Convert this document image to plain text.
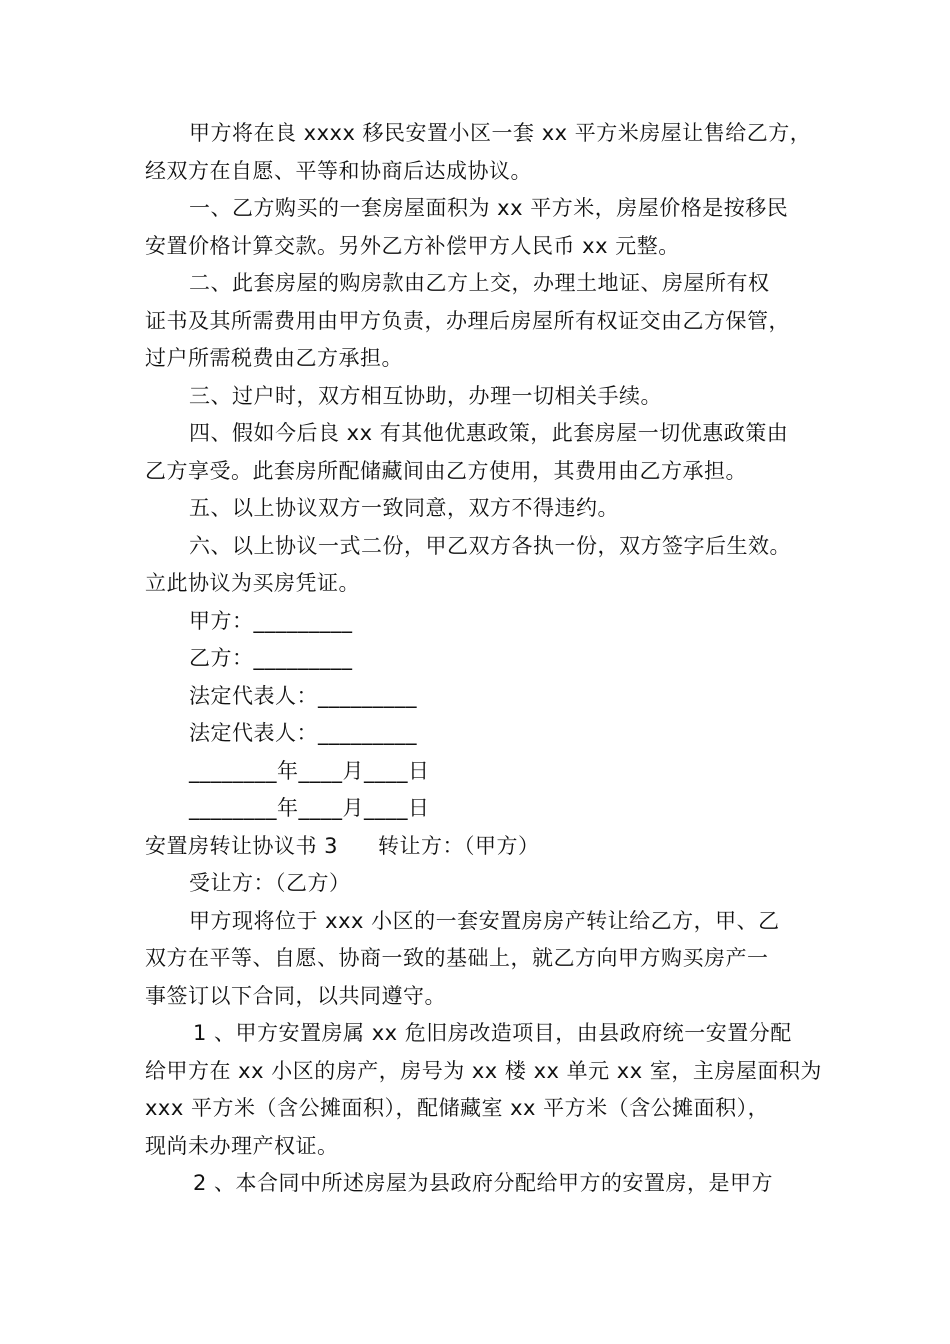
甲方将在良 xxxx 移民安置小区一套 xx 平方米房屋让售给乙方，
经双方在自愿、平等和协商后达成协议。
一、乙方购买的一套房屋面积为 xx 平方米，房屋价格是按移民
安置价格计算交款。另外乙方补偿甲方人民币 xx 元整。
二、此套房屋的购房款由乙方上交，办理土地证、房屋所有权
证书及其所需费用由甲方负责，办理后房屋所有权证交由乙方保管，
过户所需税费由乙方承担。
三、过户时，双方相互协助，办理一切相关手续。
四、假如今后良 xx 有其他优惠政策，此套房屋一切优惠政策由
乙方享受。此套房所配储藏间由乙方使用，其费用由乙方承担。
五、以上协议双方一致同意，双方不得违约。
六、以上协议一式二份，甲乙双方各执一份，双方签字后生效。
立此协议为买房凭证。
甲方：_________
乙方：_________
法定代表人：_________
法定代表人：_________
________年____月____日
________年____月____日
安置房转让协议书 3 转让方：（甲方）
受让方：（乙方）
甲方现将位于 xxx 小区的一套安置房房产转让给乙方，甲、乙
双方在平等、自愿、协商一致的基础上，就乙方向甲方购买房产一
事签订以下合同，以共同遵守。
1 、甲方安置房属 xx 危旧房改造项目，由县政府统一安置分配
给甲方在 xx 小区的房产，房号为 xx 楼 xx 单元 xx 室，主房屋面积为
xxx 平方米（含公摊面积），配储藏室 xx 平方米（含公摊面积），
现尚未办理产权证。
2 、本合同中所述房屋为县政府分配给甲方的安置房，是甲方
